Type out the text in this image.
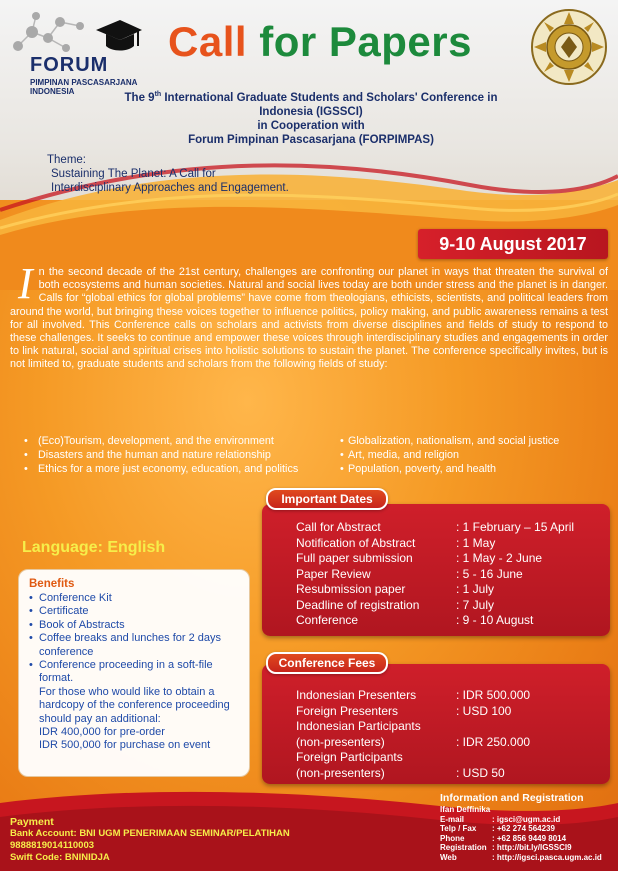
FORUM
PIMPINAN PASCASARJANA
INDONESIA
Call for Papers
The 9th International Graduate Students and Scholars' Conference in
Indonesia (IGSSCI)
in Cooperation with
Forum Pimpinan Pascasarjana (FORPIMPAS)
Theme:
Sustaining The Planet: A Call for
Interdisciplinary Approaches and Engagement.
9-10 August 2017
In the second decade of the 21st century, challenges are confronting our planet in ways that threaten the survival of both ecosystems and human societies. Natural and social lives today are both under stress and the planet is in danger. Calls for “global ethics for global problems” have come from theologians, ethicists, scientists, and political leaders from around the world, but bringing these voices together to influence politics, policy making, and public awareness remains a test for all involved. This Conference calls on scholars and activists from diverse disciplines and fields of study to respond to these challenges. It seeks to continue and empower these voices through interdisciplinary studies and engagements in order to link natural, social and spiritual crises into holistic solutions to sustain the planet. The conference specifically invites, but is not limited to, graduate students and scholars from the following fields of study:
• (Eco)Tourism, development, and the environment
• Disasters and the human and nature relationship
• Ethics for a more just economy, education, and politics
• Globalization, nationalism, and social justice
• Art, media, and religion
• Population, poverty, and health
Language: English
Benefits
• Conference Kit
• Certificate
• Book of Abstracts
• Coffee breaks and lunches for 2 days conference
• Conference proceeding in a soft-file format.
For those who would like to obtain a hardcopy of the conference proceeding should pay an additional:
IDR 400,000 for pre-order
IDR 500,000 for purchase on event
Important Dates
Call for Abstract	: 1 February – 15 April
Notification of Abstract	: 1 May
Full paper submission	: 1 May - 2 June
Paper Review	: 5 - 16 June
Resubmission paper	: 1 July
Deadline of registration	: 7 July
Conference	: 9 - 10 August
Conference Fees
Indonesian Presenters	: IDR 500.000
Foreign Presenters	: USD 100
Indonesian Participants
(non-presenters)	: IDR 250.000
Foreign Participants
(non-presenters)	: USD 50
Payment
Bank Account: BNI UGM PENERIMAAN SEMINAR/PELATIHAN
9888819014110003
Swift Code: BNINIDJA
Information and Registration
Ifan Deffinika
E-mail	: igsci@ugm.ac.id
Telp / Fax	: +62 274 564239
Phone	: +62 856 9449 8014
Registration : http://bit.ly/IGSSCI9
Web	: http://igsci.pasca.ugm.ac.id
